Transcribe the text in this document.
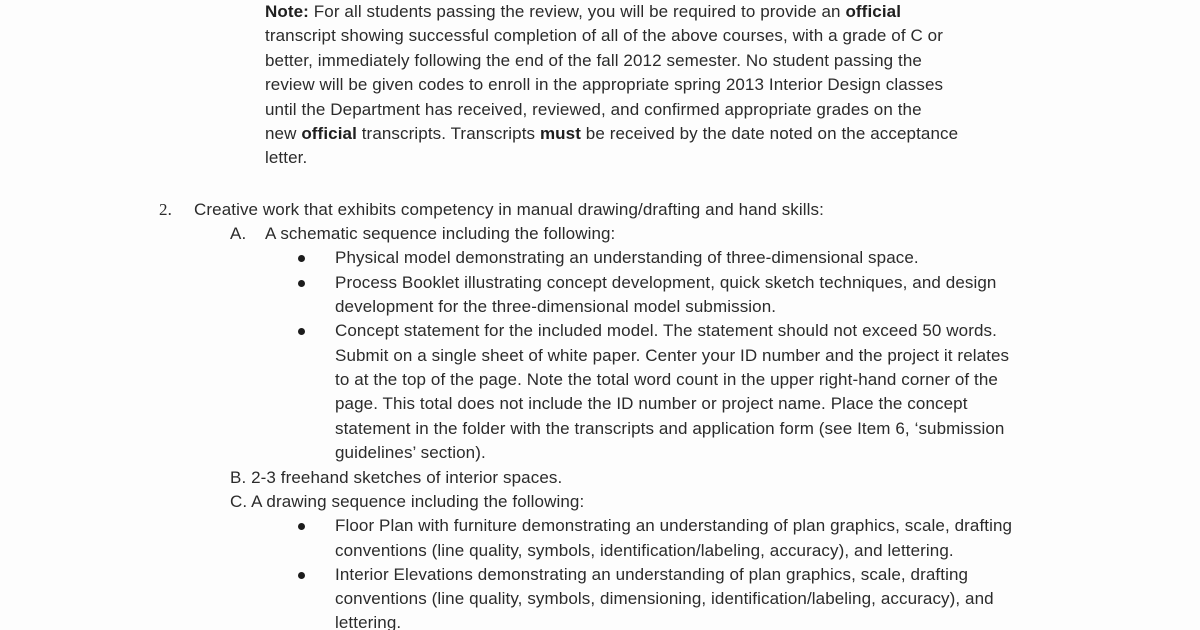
Note: For all students passing the review, you will be required to provide an official
transcript showing successful completion of all of the above courses, with a grade of C or
better, immediately following the end of the fall 2012 semester. No student passing the
review will be given codes to enroll in the appropriate spring 2013 Interior Design classes
until the Department has received, reviewed, and confirmed appropriate grades on the
new official transcripts. Transcripts must be received by the date noted on the acceptance
letter.
2. Creative work that exhibits competency in manual drawing/drafting and hand skills:
A. A schematic sequence including the following:
Physical model demonstrating an understanding of three-dimensional space.
Process Booklet illustrating concept development, quick sketch techniques, and design
development for the three-dimensional model submission.
Concept statement for the included model. The statement should not exceed 50 words.
Submit on a single sheet of white paper. Center your ID number and the project it relates
to at the top of the page. Note the total word count in the upper right-hand corner of the
page. This total does not include the ID number or project name. Place the concept
statement in the folder with the transcripts and application form (see Item 6, ‘submission
guidelines’ section).
B. 2-3 freehand sketches of interior spaces.
C. A drawing sequence including the following:
Floor Plan with furniture demonstrating an understanding of plan graphics, scale, drafting
conventions (line quality, symbols, identification/labeling, accuracy), and lettering.
Interior Elevations demonstrating an understanding of plan graphics, scale, drafting
conventions (line quality, symbols, dimensioning, identification/labeling, accuracy), and
lettering.
